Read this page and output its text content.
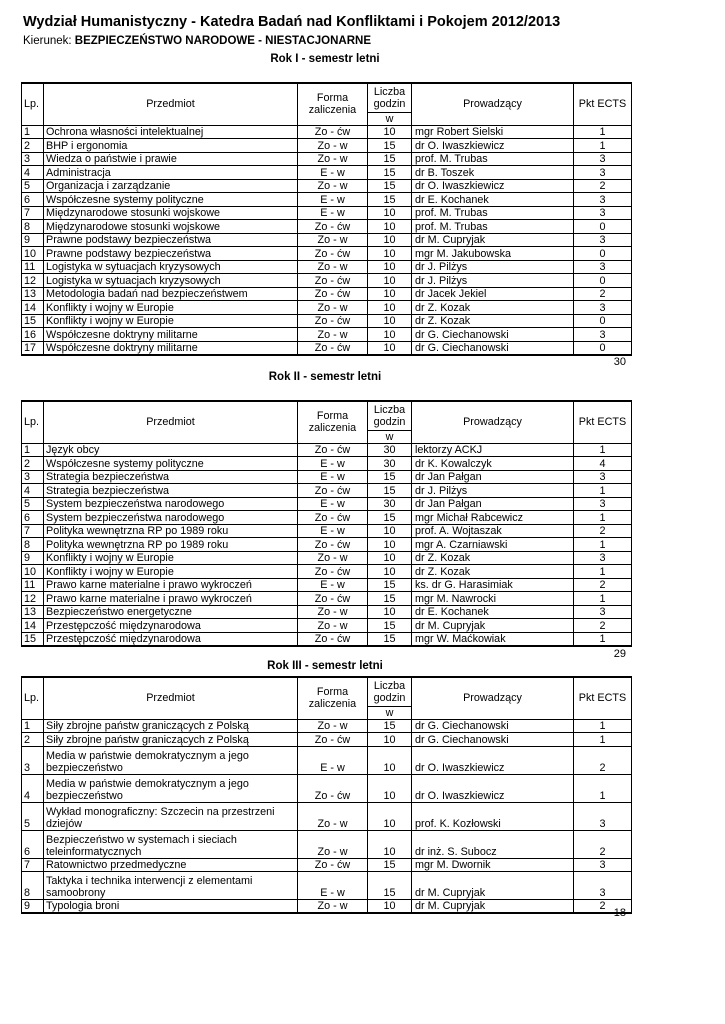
Wydział Humanistyczny - Katedra Badań nad Konfliktami i Pokojem 2012/2013
Kierunek: BEZPIECZEŃSTWO NARODOWE - NIESTACJONARNE
Rok I - semestr letni
Lp.	Przedmiot	Forma zaliczenia	Liczba godzin	Prowadzący	Pkt ECTS
			w		
1	Ochrona własności intelektualnej	Zo - ćw	10	mgr Robert Sielski	1
2	BHP i ergonomia	Zo - w	15	dr O. Iwaszkiewicz	1
3	Wiedza o państwie i prawie	Zo - w	15	prof. M. Trubas	3
4	Administracja	E - w	15	dr B. Toszek	3
5	Organizacja i zarządzanie	Zo - w	15	dr O. Iwaszkiewicz	2
6	Współczesne systemy polityczne	E - w	15	dr E. Kochanek	3
7	Międzynarodowe stosunki wojskowe	E - w	10	prof. M. Trubas	3
8	Międzynarodowe stosunki wojskowe	Zo - ćw	10	prof. M. Trubas	0
9	Prawne podstawy bezpieczeństwa	Zo - w	10	dr M. Cupryjak	3
10	Prawne podstawy bezpieczeństwa	Zo - ćw	10	mgr M. Jakubowska	0
11	Logistyka w sytuacjach kryzysowych	Zo - w	10	dr J. Pilżys	3
12	Logistyka w sytuacjach kryzysowych	Zo - ćw	10	dr J. Pilżys	0
13	Metodologia badań nad bezpieczeństwem	Zo - ćw	10	dr Jacek Jekiel	2
14	Konflikty i wojny w Europie	Zo - w	10	dr Z. Kozak	3
15	Konflikty i wojny w Europie	Zo - ćw	10	dr Z. Kozak	0
16	Współczesne doktryny militarne	Zo - w	10	dr G. Ciechanowski	3
17	Współczesne doktryny militarne	Zo - ćw	10	dr G. Ciechanowski	0
30
Rok II - semestr letni
Lp.	Przedmiot	Forma zaliczenia	Liczba godzin	Prowadzący	Pkt ECTS
			w		
1	Język obcy	Zo - ćw	30	lektorzy ACKJ	1
2	Współczesne systemy polityczne	E - w	30	dr K. Kowalczyk	4
3	Strategia bezpieczeństwa	E - w	15	dr Jan Pałgan	3
4	Strategia bezpieczeństwa	Zo - ćw	15	dr J. Pilżys	1
5	System bezpieczeństwa narodowego	E - w	30	dr Jan Pałgan	3
6	System bezpieczeństwa narodowego	Zo - ćw	15	mgr Michał Rabcewicz	1
7	Polityka wewnętrzna RP po 1989 roku	E - w	10	prof. A. Wojtaszak	2
8	Polityka wewnętrzna RP po 1989 roku	Zo - ćw	10	mgr A. Czarniawski	1
9	Konflikty i wojny w Europie	Zo - w	10	dr Z. Kozak	3
10	Konflikty i wojny w Europie	Zo - ćw	10	dr Z. Kozak	1
11	Prawo karne materialne i prawo wykroczeń	E - w	15	ks. dr G. Harasimiak	2
12	Prawo karne materialne i prawo wykroczeń	Zo - ćw	15	mgr M. Nawrocki	1
13	Bezpieczeństwo energetyczne	Zo - w	10	dr E. Kochanek	3
14	Przestępczość międzynarodowa	Zo - w	15	dr M. Cupryjak	2
15	Przestępczość międzynarodowa	Zo - ćw	15	mgr W. Maćkowiak	1
29
Rok III - semestr letni
Lp.	Przedmiot	Forma zaliczenia	Liczba godzin	Prowadzący	Pkt ECTS
			w		
1	Siły zbrojne państw graniczących z Polską	Zo - w	15	dr G. Ciechanowski	1
2	Siły zbrojne państw graniczących z Polską	Zo - ćw	10	dr G. Ciechanowski	1
3	Media w państwie demokratycznym a jego bezpieczeństwo	E - w	10	dr O. Iwaszkiewicz	2
4	Media w państwie demokratycznym a jego bezpieczeństwo	Zo - ćw	10	dr O. Iwaszkiewicz	1
5	Wykład monograficzny: Szczecin na przestrzeni dziejów	Zo - w	10	prof. K. Kozłowski	3
6	Bezpieczeństwo w systemach i sieciach teleinformatycznych	Zo - w	10	dr inż. S. Subocz	2
7	Ratownictwo przedmedyczne	Zo - ćw	15	mgr M. Dwornik	3
8	Taktyka i technika interwencji z elementami samoobrony	E - w	15	dr M. Cupryjak	3
9	Typologia broni	Zo - w	10	dr M. Cupryjak	2
18
